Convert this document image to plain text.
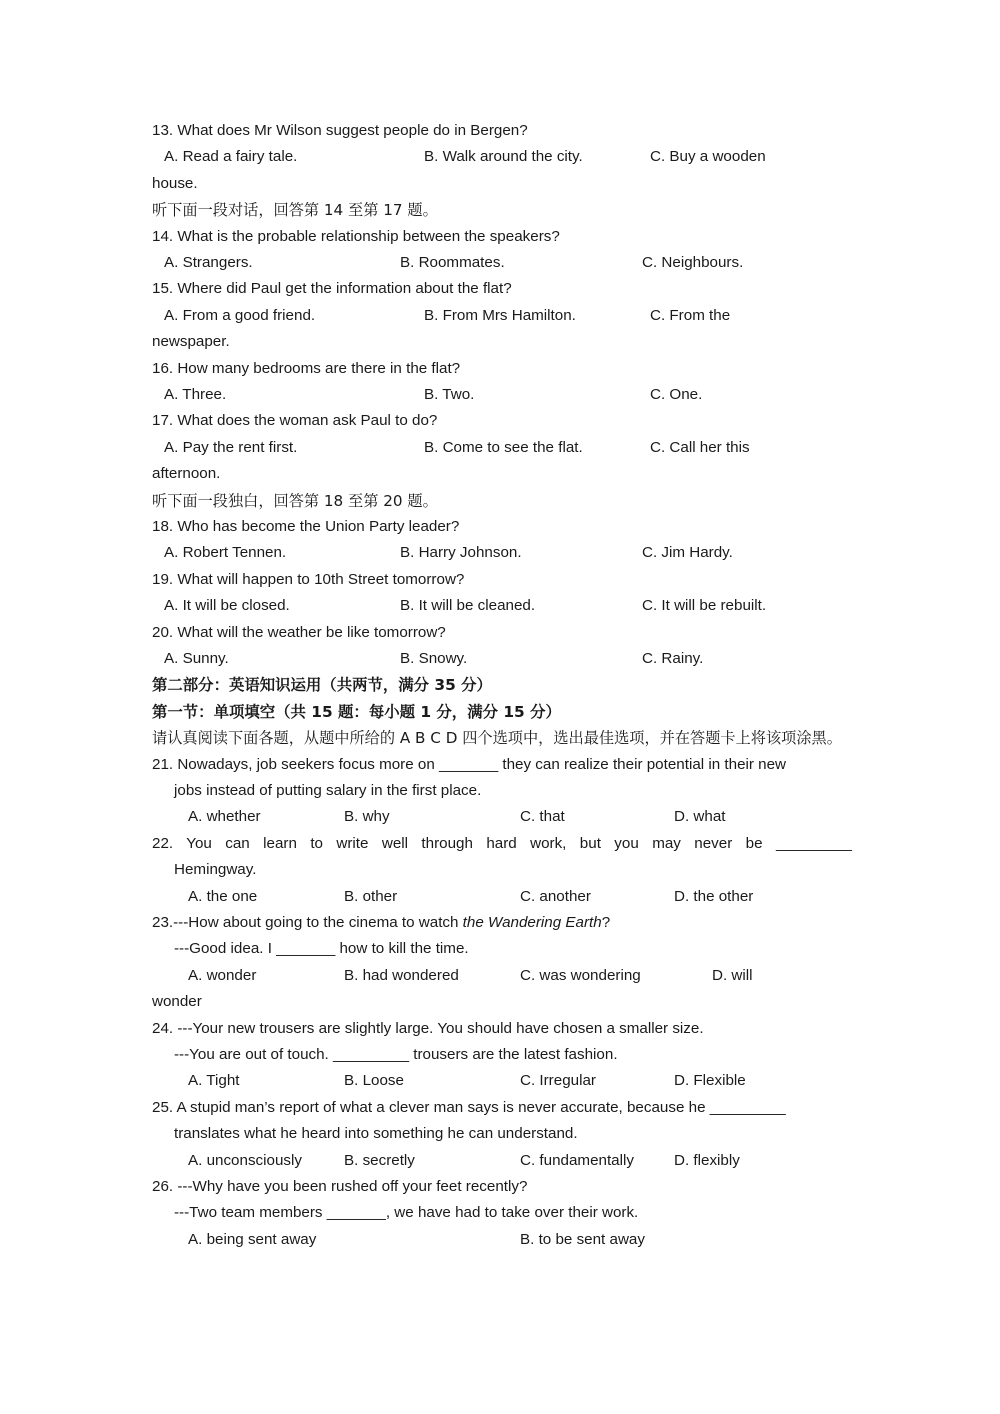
13. What does Mr Wilson suggest people do in Bergen?
A. Read a fairy tale.	B. Walk around the city.	C. Buy a wooden
house.
听下面一段对话，回答第 14 至第 17 题。
14. What is the probable relationship between the speakers?
A. Strangers.	B. Roommates.	C. Neighbours.
15. Where did Paul get the information about the flat?
A. From a good friend.	B. From Mrs Hamilton.	C. From the
newspaper.
16. How many bedrooms are there in the flat?
A. Three.	B. Two.	C. One.
17. What does the woman ask Paul to do?
A. Pay the rent first.	B. Come to see the flat.	C. Call her this
afternoon.
听下面一段独白，回答第 18 至第 20 题。
18. Who has become the Union Party leader?
A. Robert Tennen.	B. Harry Johnson.	C. Jim Hardy.
19. What will happen to 10th Street tomorrow?
A. It will be closed.	B. It will be cleaned.	C. It will be rebuilt.
20. What will the weather be like tomorrow?
A. Sunny.	B. Snowy.	C. Rainy.
第二部分：英语知识运用（共两节，满分 35 分）
第一节：单项填空（共 15 题：每小题 1 分，满分 15 分）
请认真阅读下面各题，从题中所给的 A B C D 四个选项中，选出最佳选项，并在答题卡上将该项涂黑。
21. Nowadays, job seekers focus more on _______ they can realize their potential in their new
jobs instead of putting salary in the first place.
A. whether	B. why	C. that	D. what
22. You can learn to write well through hard work, but you may never be _________
Hemingway.
A. the one	B. other	C. another	D. the other
23.---How about going to the cinema to watch the Wandering Earth?
---Good idea. I _______ how to kill the time.
A. wonder	B. had wondered	C. was wondering	D. will
wonder
24. ---Your new trousers are slightly large. You should have chosen a smaller size.
---You are out of touch. _________ trousers are the latest fashion.
A. Tight	B. Loose	C. Irregular	D. Flexible
25. A stupid man’s report of what a clever man says is never accurate, because he _________
translates what he heard into something he can understand.
A. unconsciously	B. secretly	C. fundamentally	D. flexibly
26. ---Why have you been rushed off your feet recently?
---Two team members _______, we have had to take over their work.
A. being sent away	B. to be sent away
